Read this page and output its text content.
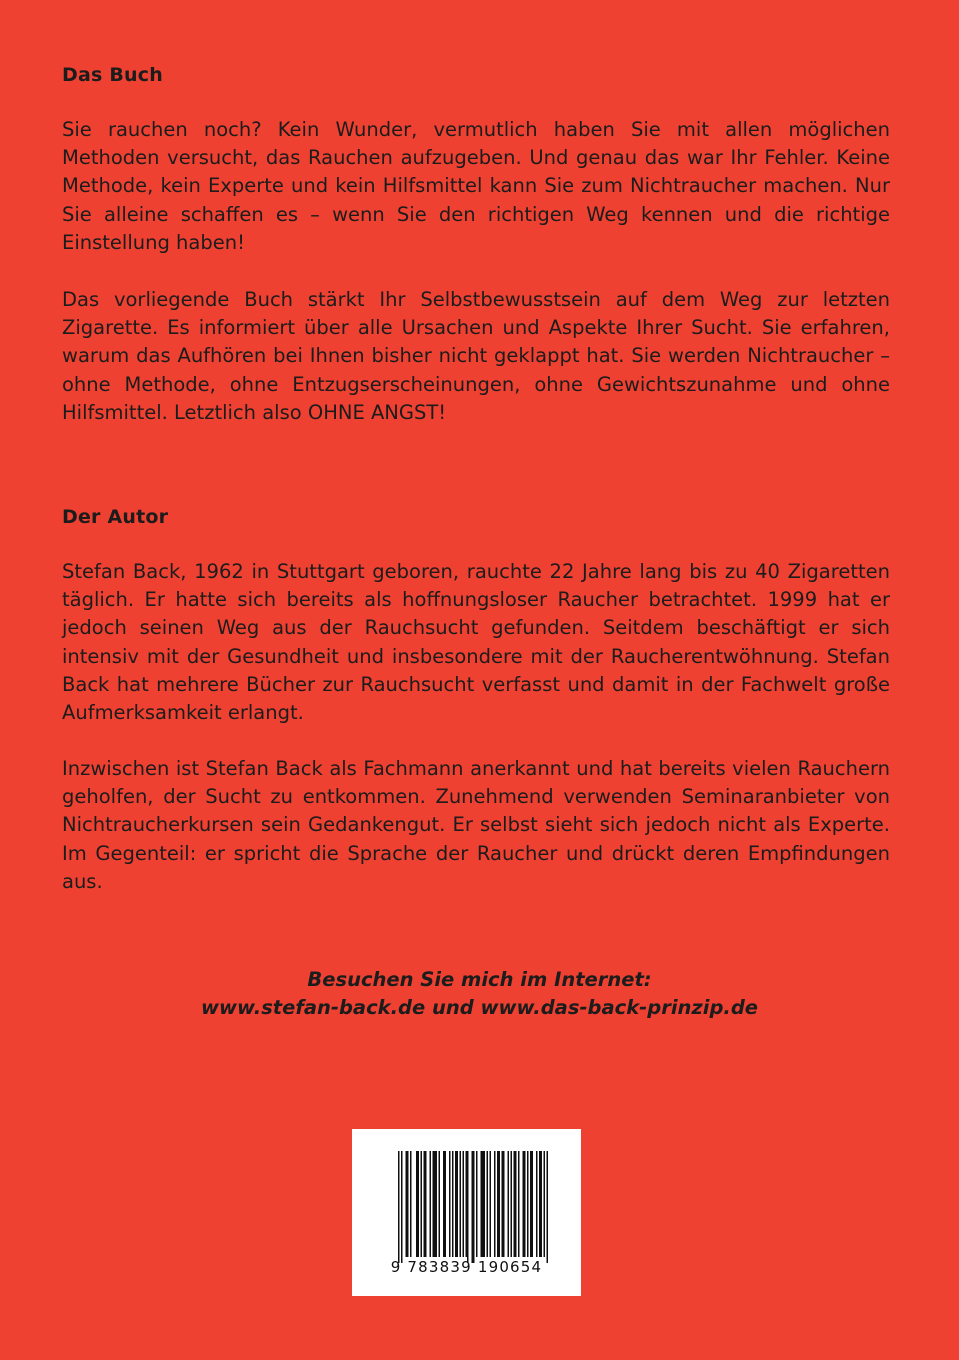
Das Buch

Sie rauchen noch? Kein Wunder, vermutlich haben Sie mit allen möglichen Methoden versucht, das Rauchen aufzugeben. Und genau das war Ihr Fehler. Keine Methode, kein Experte und kein Hilfsmittel kann Sie zum Nichtraucher machen. Nur Sie alleine schaffen es – wenn Sie den richtigen Weg kennen und die richtige Einstellung haben!

Das vorliegende Buch stärkt Ihr Selbstbewusstsein auf dem Weg zur letzten Zigarette. Es informiert über alle Ursachen und Aspekte Ihrer Sucht. Sie erfahren, warum das Aufhören bei Ihnen bisher nicht geklappt hat. Sie werden Nichtraucher – ohne Methode, ohne Entzugserscheinungen, ohne Gewichtszunahme und ohne Hilfsmittel. Letztlich also OHNE ANGST!

Der Autor

Stefan Back, 1962 in Stuttgart geboren, rauchte 22 Jahre lang bis zu 40 Zigaretten täglich. Er hatte sich bereits als hoffnungsloser Raucher betrachtet. 1999 hat er jedoch seinen Weg aus der Rauchsucht gefunden. Seitdem beschäftigt er sich intensiv mit der Gesundheit und insbesondere mit der Raucherentwöhnung. Stefan Back hat mehrere Bücher zur Rauchsucht verfasst und damit in der Fachwelt große Aufmerksamkeit erlangt.

Inzwischen ist Stefan Back als Fachmann anerkannt und hat bereits vielen Rauchern geholfen, der Sucht zu entkommen. Zunehmend verwenden Seminaranbieter von Nichtraucherkursen sein Gedankengut. Er selbst sieht sich jedoch nicht als Experte. Im Gegenteil: er spricht die Sprache der Raucher und drückt deren Empfindungen aus.

Besuchen Sie mich im Internet:
www.stefan-back.de und www.das-back-prinzip.de
9 783839 190654
